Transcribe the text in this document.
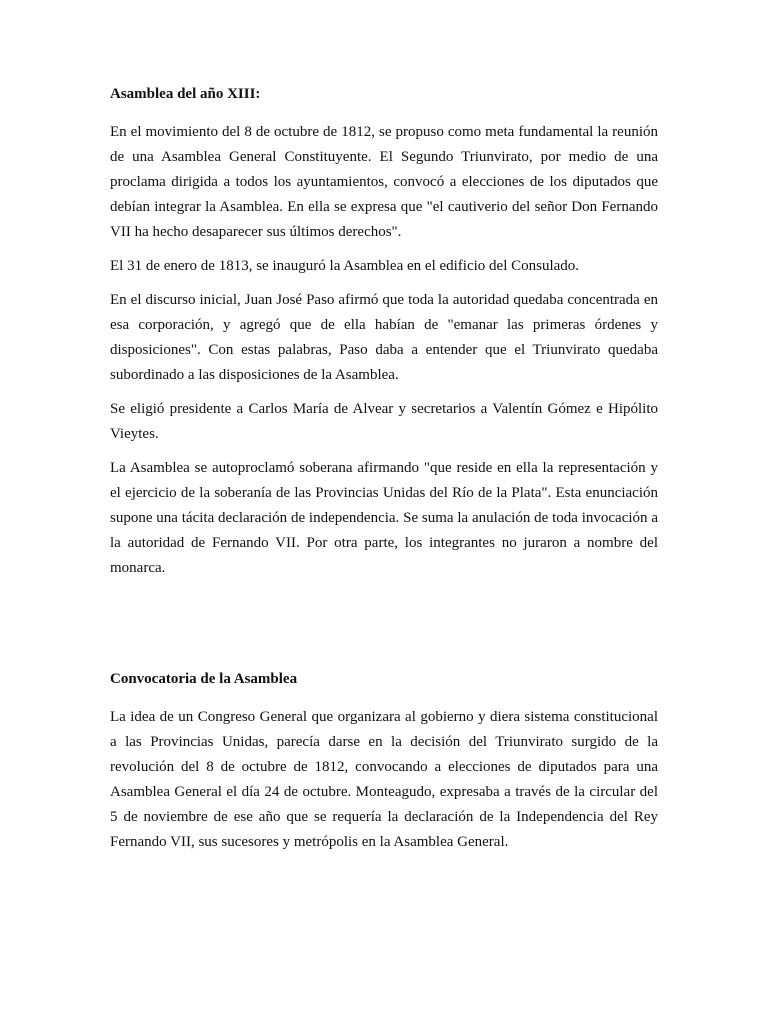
Asamblea del año XIII:

En el movimiento del 8 de octubre de 1812, se propuso como meta fundamental la reunión de una Asamblea General Constituyente. El Segundo Triunvirato, por medio de una proclama dirigida a todos los ayuntamientos, convocó a elecciones de los diputados que debían integrar la Asamblea. En ella se expresa que "el cautiverio del señor Don Fernando VII ha hecho desaparecer sus últimos derechos".

El 31 de enero de 1813, se inauguró la Asamblea en el edificio del Consulado.

En el discurso inicial, Juan José Paso afirmó que toda la autoridad quedaba concentrada en esa corporación, y agregó que de ella habían de "emanar las primeras órdenes y disposiciones". Con estas palabras, Paso daba a entender que el Triunvirato quedaba subordinado a las disposiciones de la Asamblea.

Se eligió presidente a Carlos María de Alvear y secretarios a Valentín Gómez e Hipólito Vieytes.

La Asamblea se autoproclamó soberana afirmando "que reside en ella la representación y el ejercicio de la soberanía de las Provincias Unidas del Río de la Plata". Esta enunciación supone una tácita declaración de independencia. Se suma la anulación de toda invocación a la autoridad de Fernando VII. Por otra parte, los integrantes no juraron a nombre del monarca.

Convocatoria de la Asamblea

La idea de un Congreso General que organizara al gobierno y diera sistema constitucional a las Provincias Unidas, parecía darse en la decisión del Triunvirato surgido de la revolución del 8 de octubre de 1812, convocando a elecciones de diputados para una Asamblea General el día 24 de octubre. Monteagudo, expresaba a través de la circular del 5 de noviembre de ese año que se requería la declaración de la Independencia del Rey Fernando VII, sus sucesores y metrópolis en la Asamblea General.
